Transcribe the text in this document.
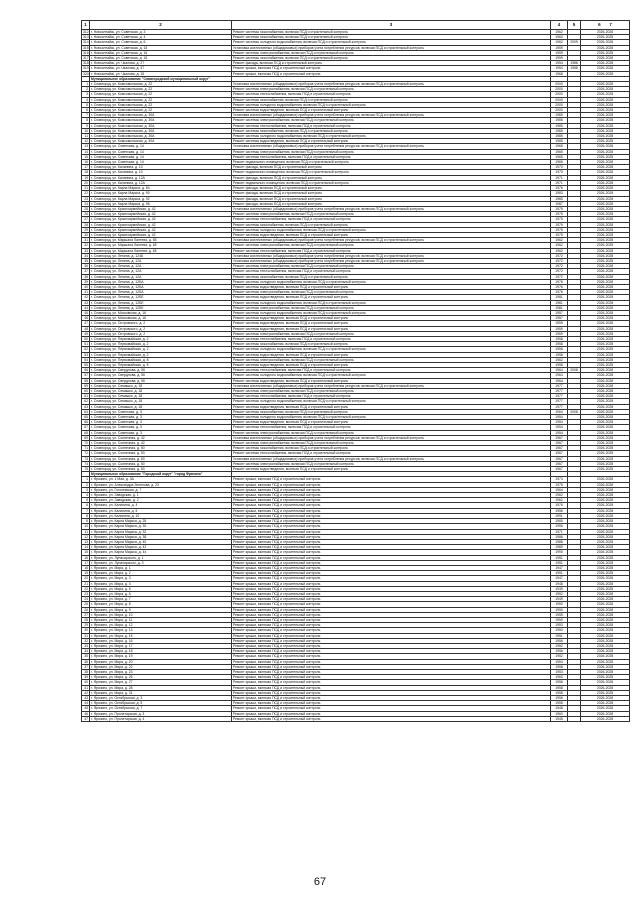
1	2	3	4	5	6 7
312	г. Новоалтайск, ул. Советская, д. 3	Ремонт системы газоснабжения, включая ПСД и строительный контроль	1962		2026-2028
313	г. Новоалтайск, ул. Советская, д. 4	Ремонт системы газоснабжения, включая ПСД и строительный контроль	1960		2026-2028
314	г. Новоалтайск, ул. Советская, д. 6	Ремонт системы холодного водоснабжения, включая ПСД и строительный контроль	1962	2009	2026-2028
315	г. Новоалтайск, ул. Советская, д. 15	Установка коллективных (общедомовых) приборов учета потребления ресурсов, включая ПСД и строительный контроль	1959		2026-2028
316	г. Новоалтайск, ул. Советская, д. 16	Ремонт системы электроснабжения, включая ПСД и строительный контроль	1959		2026-2028
317	г. Новоалтайск, ул. Советская, д. 18	Ремонт системы газоснабжения, включая ПСД и строительный контроль	1959		2026-2028
318	г. Новоалтайск, ул. Чкалова, д. 27	Ремонт фасада, включая ПСД и строительный контроль	1954	1988	2026-2028
319	г. Новоалтайск, ул. Чкалова, д. 37	Ремонт крыши, включая ПСД и строительный контроль	1954	1988	2026-2028
320	г. Новоалтайск, ул. Чкалова, д. 15	Ремонт крыши, включая ПСД и строительный контроль	1968		2026-2028
	Муниципальное образование "Славгородский муниципальный округ"				
1	г. Славгород, ул. Комсомольская, д. 22	Установка коллективных (общедомовых) приборов учета потребления ресурсов, включая ПСД и строительный контроль	2000		2026-2028
2	г. Славгород, ул. Комсомольская, д. 22	Ремонт системы электроснабжения, включая ПСД и строительный контроль	2000		2026-2028
3	г. Славгород, ул. Комсомольская, д. 22	Ремонт системы теплоснабжения, включая ПСД и строительный контроль	2000		2026-2028
4	г. Славгород, ул. Комсомольская, д. 22	Ремонт системы газоснабжения, включая ПСД и строительный контроль	2000		2026-2028
5	г. Славгород, ул. Комсомольская, д. 22	Ремонт системы холодного водоснабжения, включая ПСД и строительный контроль	2000		2026-2028
6	г. Славгород, ул. Комсомольская, д. 22	Ремонт системы водоотведения, включая ПСД и строительный контроль	2000		2026-2028
7	г. Славгород, ул. Комсомольская, д. 30А	Установка коллективных (общедомовых) приборов учета потребления ресурсов, включая ПСД и строительный контроль	1985		2026-2028
8	г. Славгород, ул. Комсомольская, д. 30А	Ремонт системы электроснабжения, включая ПСД и строительный контроль	1985		2026-2028
9	г. Славгород, ул. Комсомольская, д. 30А	Ремонт системы теплоснабжения, включая ПСД и строительный контроль	1985		2026-2028
10	г. Славгород, ул. Комсомольская, д. 30А	Ремонт системы газоснабжения, включая ПСД и строительный контроль	1985		2026-2028
11	г. Славгород, ул. Комсомольская, д. 30А	Ремонт системы холодного водоснабжения, включая ПСД и строительный контроль	1985		2026-2028
12	г. Славгород, ул. Комсомольская, д. 30А	Ремонт системы водоотведения, включая ПСД и строительный контроль	1985		2026-2028
13	г. Славгород, ул. Советская, д. 14	Установка коллективных (общедомовых) приборов учета потребления ресурсов, включая ПСД и строительный контроль	1965		2026-2028
14	г. Славгород, ул. Советская, д. 14	Ремонт системы электроснабжения, включая ПСД и строительный контроль	1965		2026-2028
15	г. Славгород, ул. Советская, д. 14	Ремонт системы теплоснабжения, включая ПСД и строительный контроль	1965		2026-2028
16	г. Славгород, ул. Советская, д. 14	Ремонт подвального помещения, включая ПСД и строительный контроль	1965		2026-2028
17	г. Славгород, ул. Калинина, д. 10	Ремонт фасада, включая ПСД и строительный контроль	1970		2026-2028
18	г. Славгород, ул. Калинина, д. 10	Ремонт подвального помещения, включая ПСД и строительный контроль	1970		2026-2028
19	г. Славгород, ул. Калинина, д. 12А	Ремонт фасада, включая ПСД и строительный контроль	1971		2026-2028
20	г. Славгород, ул. Калинина, д. 12А	Ремонт подвального помещения, включая ПСД и строительный контроль	1971		2026-2028
21	г. Славгород, ул. Карла Маркса, д. 84	Ремонт фасада, включая ПСД и строительный контроль	1976		2026-2028
22	г. Славгород, ул. Карла Маркса, д. 90	Ремонт фасада, включая ПСД и строительный контроль	1983		2026-2028
23	г. Славгород, ул. Карла Маркса, д. 92	Ремонт фасада, включая ПСД и строительный контроль	1985		2026-2028
24	г. Славгород, ул. Карла Маркса, д. 96	Ремонт фасада, включая ПСД и строительный контроль	1987		2026-2028
25	г. Славгород, ул. Красноармейская, д. 42	Установка коллективных (общедомовых) приборов учета потребления ресурсов, включая ПСД и строительный контроль	1975		2026-2028
26	г. Славгород, ул. Красноармейская, д. 42	Ремонт системы электроснабжения, включая ПСД и строительный контроль	1975		2026-2028
27	г. Славгород, ул. Красноармейская, д. 42	Ремонт системы теплоснабжения, включая ПСД и строительный контроль	1975		2026-2028
28	г. Славгород, ул. Красноармейская, д. 42	Ремонт системы газоснабжения, включая ПСД и строительный контроль	1975		2026-2028
29	г. Славгород, ул. Красноармейская, д. 42	Ремонт системы холодного водоснабжения, включая ПСД и строительный контроль	1975		2026-2028
30	г. Славгород, ул. Красноармейская, д. 42	Ремонт системы водоотведения, включая ПСД и строительный контроль	1975		2026-2028
31	г. Славгород, ул. Маршала Лаптева, д. 65	Установка коллективных (общедомовых) приборов учета потребления ресурсов, включая ПСД и строительный контроль	1962		2026-2028
32	г. Славгород, ул. Маршала Лаптева, д. 65	Ремонт системы электроснабжения, включая ПСД и строительный контроль	1962		2026-2028
33	г. Славгород, ул. Маршала Лаптева, д. 65	Ремонт системы теплоснабжения, включая ПСД и строительный контроль	1962		2026-2028
34	г. Славгород, ул. Ленина, д. 124Б	Установка коллективных (общедомовых) приборов учета потребления ресурсов, включая ПСД и строительный контроль	1972		2026-2028
35	г. Славгород, ул. Ленина, д. 12А	Установка коллективных (общедомовых) приборов учета потребления ресурсов, включая ПСД и строительный контроль	1972		2026-2028
36	г. Славгород, ул. Ленина, д. 12А	Ремонт системы электроснабжения, включая ПСД и строительный контроль	1972		2026-2028
37	г. Славгород, ул. Ленина, д. 12А	Ремонт системы теплоснабжения, включая ПСД и строительный контроль	1972		2026-2028
38	г. Славгород, ул. Ленина, д. 12А	Ремонт системы газоснабжения, включая ПСД и строительный контроль	1972		2026-2028
39	г. Славгород, ул. Ленина, д. 12БА	Ремонт системы холодного водоснабжения, включая ПСД и строительный контроль	1976		2026-2028
40	г. Славгород, ул. Ленина, д. 12БА	Ремонт системы водоотведения, включая ПСД и строительный контроль	1976		2026-2028
41	г. Славгород, ул. Ленина, д. 12БА	Ремонт системы электроснабжения, включая ПСД и строительный контроль	1976		2026-2028
42	г. Славгород, ул. Ленина, д. 12БЕ	Ремонт системы водоотведения, включая ПСД и строительный контроль	1981		2026-2028
43	г. Славгород, ул. Ленина, д. 12БЕ	Ремонт системы холодного водоснабжения, включая ПСД и строительный контроль	1981		2026-2028
44	г. Славгород, ул. Ленина, д. 12БЕ	Ремонт системы электроснабжения, включая ПСД и строительный контроль	1981		2026-2028
45	г. Славгород, ул. Московская, д. 16	Ремонт системы холодного водоснабжения, включая ПСД и строительный контроль	1957		2026-2028
46	г. Славгород, ул. Московская, д. 16	Ремонт системы водоотведения, включая ПСД и строительный контроль	1957		2026-2028
47	г. Славгород, ул. Островского, д. 2	Ремонт системы водоотведения, включая ПСД и строительный контроль	1959		2026-2028
48	г. Славгород, ул. Островского, д. 2	Ремонт системы водоотведения, включая ПСД и строительный контроль	1959		2026-2028
49	г. Славгород, ул. Островского, д. 2	Ремонт системы электроснабжения, включая ПСД и строительный контроль	1959		2026-2028
50	г. Славгород, ул. Первомайская, д. 2	Ремонт системы теплоснабжения, включая ПСД и строительный контроль	1958		2026-2028
51	г. Славгород, ул. Первомайская, д. 2	Ремонт системы газоснабжения, включая ПСД и строительный контроль	1958		2026-2028
52	г. Славгород, ул. Первомайская, д. 2	Ремонт системы холодного водоснабжения, включая ПСД и строительный контроль	1958		2026-2028
53	г. Славгород, ул. Первомайская, д. 2	Ремонт системы водоотведения, включая ПСД и строительный контроль	1958		2026-2028
54	г. Славгород, ул. Первомайская, д. 8	Ремонт системы электроснабжения, включая ПСД и строительный контроль	1962		2026-2028
55	г. Славгород, ул. Первомайская, д. 8	Ремонт системы водоотведения, включая ПСД и строительный контроль	1958		2026-2028
56	г. Славгород, ул. Свердлова, д. 56	Ремонт системы теплоснабжения, включая ПСД и строительный контроль	1964	2008	2026-2028
57	г. Славгород, ул. Свердлова, д. 56	Ремонт системы холодного водоснабжения, включая ПСД и строительный контроль	1964		2026-2028
58	г. Славгород, ул. Свердлова, д. 56	Ремонт системы водоотведения, включая ПСД и строительный контроль	1964		2026-2028
59	г. Славгород, ул. Семашко, д. 18	Установка коллективных (общедомовых) приборов учета потребления ресурсов, включая ПСД и строительный контроль	1977		2026-2028
60	г. Славгород, ул. Семашко, д. 18	Ремонт системы электроснабжения, включая ПСД и строительный контроль	1977		2026-2028
61	г. Славгород, ул. Семашко, д. 18	Ремонт системы теплоснабжения, включая ПСД и строительный контроль	1977		2026-2028
62	г. Славгород, ул. Семашко, д. 18	Ремонт системы холодного водоснабжения, включая ПСД и строительный контроль	1977		2026-2028
63	г. Славгород, ул. Семашко, д. 18	Ремонт системы водоотведения, включая ПСД и строительный контроль	1977		2026-2028
64	г. Славгород, ул. Советская, д. 3	Ремонт системы газоснабжения, включая ПСД и строительный контроль	1964	2008	2026-2028
65	г. Славгород, ул. Советская, д. 3	Ремонт системы холодного водоснабжения, включая ПСД и строительный контроль	1954		2026-2028
66	г. Славгород, ул. Советская, д. 3	Ремонт системы водоотведения, включая ПСД и строительный контроль	1954		2026-2028
67	г. Славгород, ул. Советская, д. 3	Ремонт системы теплоснабжения, включая ПСД и строительный контроль	1954		2026-2028
68	г. Славгород, ул. Советская, д. 3	Ремонт системы электроснабжения, включая ПСД и строительный контроль	1954		2026-2028
69	г. Славгород, ул. Солнечная, д. 42	Установка коллективных (общедомовых) приборов учета потребления ресурсов, включая ПСД и строительный контроль	1967		2026-2028
70	г. Славгород, ул. Солнечная, д. 42	Ремонт системы электроснабжения, включая ПСД и строительный контроль	1967		2026-2028
71	г. Славгород, ул. Солнечная, д. 50	Ремонт системы газоснабжения, включая ПСД и строительный контроль	1967		2026-2028
72	г. Славгород, ул. Солнечная, д. 50	Ремонт системы теплоснабжения, включая ПСД и строительный контроль	1967		2026-2028
73	г. Славгород, ул. Солнечная, д. 50	Установка коллективных (общедомовых) приборов учета потребления ресурсов, включая ПСД и строительный контроль	1967		2026-2028
74	г. Славгород, ул. Солнечная, д. 50	Ремонт системы электроснабжения, включая ПСД и строительный контроль	1967		2026-2028
75	г. Славгород, ул. Солнечная, д. 50	Ремонт системы водоотведения, включая ПСД и строительный контроль	1967		2026-2028
	Муниципальное образование "Городской округ" "город Фрязино"				
1	г. Фрязино, ул. 1 Мая, д. 3А	Ремонт крыши, включая ПСД и строительный контроль	1973		2026-2028
2	г. Фрязино, ул. Александра Зеленова, д. 23	Ремонт крыши, включая ПСД и строительный контроль	1975		2026-2028
3	г. Фрязино, ул. Гоголевская, д. 7	Ремонт крыши, включая ПСД и строительный контроль	1964		2026-2028
4	г. Фрязино, ул. Заводская, д. 1	Ремонт крыши, включая ПСД и строительный контроль	1962		2026-2028
5	г. Фрязино, ул. Заводская, д. 2	Ремонт крыши, включая ПСД и строительный контроль	1962		2026-2028
6	г. Фрязино, ул. Калинина, д. 4	Ремонт крыши, включая ПСД и строительный контроль	1976		2026-2028
7	г. Фрязино, ул. Калинина, д. 5	Ремонт крыши, включая ПСД и строительный контроль	1956		2026-2028
8	г. Фрязино, ул. Калинина, д. 10	Ремонт крыши, включая ПСД и строительный контроль	1991		2026-2028
9	г. Фрязино, ул. Карла Маркса, д. 25	Ремонт крыши, включая ПСД и строительный контроль	1985		2026-2028
10	г. Фрязино, ул. Карла Маркса, д. 30	Ремонт крыши, включая ПСД и строительный контроль	1996		2026-2028
11	г. Фрязино, ул. Карла Маркса, д. 32	Ремонт крыши, включая ПСД и строительный контроль	1971		2026-2028
12	г. Фрязино, ул. Карла Маркса, д. 38	Ремонт крыши, включая ПСД и строительный контроль	1986		2026-2028
13	г. Фрязино, ул. Карла Маркса, д. 40	Ремонт крыши, включая ПСД и строительный контроль	1988		2026-2028
14	г. Фрязино, ул. Карла Маркса, д. 42	Ремонт крыши, включая ПСД и строительный контроль	1989		2026-2028
15	г. Фрязино, ул. Карла Маркса, д. 44	Ремонт крыши, включая ПСД и строительный контроль	1990		2026-2028
16	г. Фрязино, ул. Луначарского, д. 1	Ремонт крыши, включая ПСД и строительный контроль	1951		2026-2028
17	г. Фрязино, ул. Луначарского, д. 3	Ремонт крыши, включая ПСД и строительный контроль	1951		2026-2028
18	г. Фрязино, ул. Мира, д. 1	Ремонт крыши, включая ПСД и строительный контроль	1947		2026-2028
19	г. Фрязино, ул. Мира, д. 2	Ремонт крыши, включая ПСД и строительный контроль	1951		2026-2028
20	г. Фрязино, ул. Мира, д. 3	Ремонт крыши, включая ПСД и строительный контроль	1947		2026-2028
21	г. Фрязино, ул. Мира, д. 4	Ремонт крыши, включая ПСД и строительный контроль	1948		2026-2028
22	г. Фрязино, ул. Мира, д. 5	Ремонт крыши, включая ПСД и строительный контроль	1939		2026-2028
23	г. Фрязино, ул. Мира, д. 6	Ремонт крыши, включая ПСД и строительный контроль	1952		2026-2028
24	г. Фрязино, ул. Мира, д. 7	Ремонт крыши, включая ПСД и строительный контроль	1949		2026-2028
25	г. Фрязино, ул. Мира, д. 8	Ремонт крыши, включая ПСД и строительный контроль	1950		2026-2028
26	г. Фрязино, ул. Мира, д. 9	Ремонт крыши, включая ПСД и строительный контроль	1950		2026-2028
27	г. Фрязино, ул. Мира, д. 10	Ремонт крыши, включая ПСД и строительный контроль	1955		2026-2028
28	г. Фрязино, ул. Мира, д. 11	Ремонт крыши, включая ПСД и строительный контроль	1950		2026-2028
29	г. Фрязино, ул. Мира, д. 12	Ремонт крыши, включая ПСД и строительный контроль	1953		2026-2028
30	г. Фрязино, ул. Мира, д. 13	Ремонт крыши, включая ПСД и строительный контроль	1950		2026-2028
31	г. Фрязино, ул. Мира, д. 15	Ремонт крыши, включая ПСД и строительный контроль	1951		2026-2028
32	г. Фрязино, ул. Мира, д. 16	Ремонт крыши, включая ПСД и строительный контроль	1956		2026-2028
33	г. Фрязино, ул. Мира, д. 17	Ремонт крыши, включая ПСД и строительный контроль	1952		2026-2028
34	г. Фрязино, ул. Мира, д. 18	Ремонт крыши, включая ПСД и строительный контроль	1956		2026-2028
35	г. Фрязино, ул. Мира, д. 19	Ремонт крыши, включая ПСД и строительный контроль	1952		2026-2028
36	г. Фрязино, ул. Мира, д. 20	Ремонт крыши, включая ПСД и строительный контроль	1954		2026-2028
37	г. Фрязино, ул. Мира, д. 22	Ремонт крыши, включая ПСД и строительный контроль	1958		2026-2028
38	г. Фрязино, ул. Мира, д. 23	Ремонт крыши, включая ПСД и строительный контроль	1953		2026-2028
39	г. Фрязино, ул. Мира, д. 26	Ремонт крыши, включая ПСД и строительный контроль	1960		2026-2028
40	г. Фрязино, ул. Мира, д. 27	Ремонт крыши, включая ПСД и строительный контроль	1956		2026-2028
41	г. Фрязино, ул. Мира, д. 28	Ремонт крыши, включая ПСД и строительный контроль	1958		2026-2028
42	г. Фрязино, ул. Мира, д. 31	Ремонт крыши, включая ПСД и строительный контроль	1958		2026-2028
43	г. Фрязино, ул. Октябрьская, д. 3	Ремонт крыши, включая ПСД и строительный контроль	1956		2026-2028
44	г. Фрязино, ул. Октябрьская, д. 5	Ремонт крыши, включая ПСД и строительный контроль	1956		2026-2028
45	г. Фрязино, ул. Октябрьская, д. 7	Ремонт крыши, включая ПСД и строительный контроль	1948		2026-2028
46	г. Фрязино, ул. Пролетарская, д. 3	Ремонт крыши, включая ПСД и строительный контроль	1960		2026-2028
47	г. Фрязино, ул. Пролетарская, д. 4	Ремонт крыши, включая ПСД и строительный контроль	1948		2026-2028
67
